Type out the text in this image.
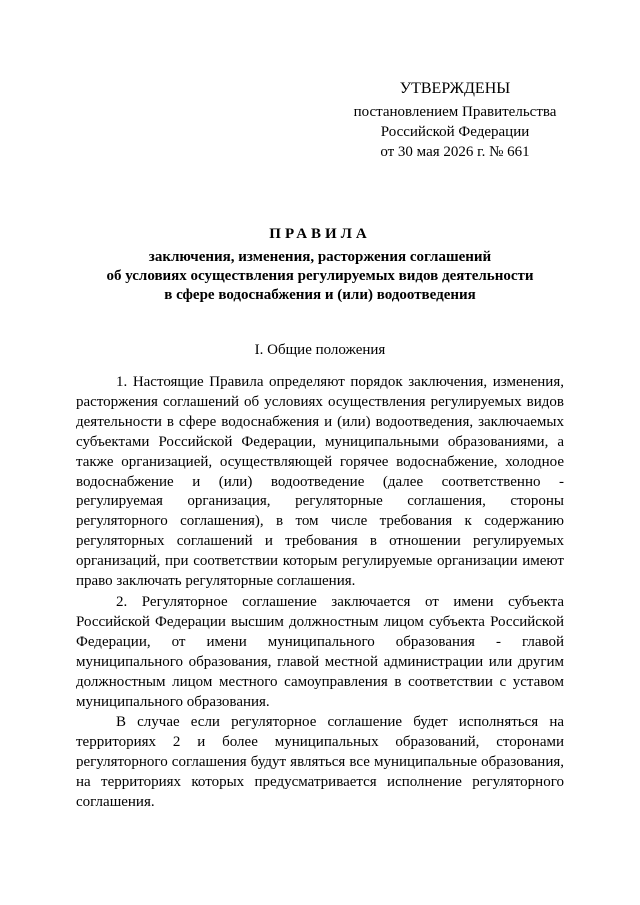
УТВЕРЖДЕНЫ
постановлением Правительства
Российской Федерации
от 30 мая 2026 г. № 661
ПРАВИЛА
заключения, изменения, расторжения соглашений
об условиях осуществления регулируемых видов деятельности
в сфере водоснабжения и (или) водоотведения
I. Общие положения

1. Настоящие Правила определяют порядок заключения, изменения, расторжения соглашений об условиях осуществления регулируемых видов деятельности в сфере водоснабжения и (или) водоотведения, заключаемых субъектами Российской Федерации, муниципальными образованиями, а также организацией, осуществляющей горячее водоснабжение, холодное водоснабжение и (или) водоотведение (далее соответственно - регулируемая организация, регуляторные соглашения, стороны регуляторного соглашения), в том числе требования к содержанию регуляторных соглашений и требования в отношении регулируемых организаций, при соответствии которым регулируемые организации имеют право заключать регуляторные соглашения.

2. Регуляторное соглашение заключается от имени субъекта Российской Федерации высшим должностным лицом субъекта Российской Федерации, от имени муниципального образования - главой муниципального образования, главой местной администрации или другим должностным лицом местного самоуправления в соответствии с уставом муниципального образования.

В случае если регуляторное соглашение будет исполняться на территориях 2 и более муниципальных образований, сторонами регуляторного соглашения будут являться все муниципальные образования, на территориях которых предусматривается исполнение регуляторного соглашения.
